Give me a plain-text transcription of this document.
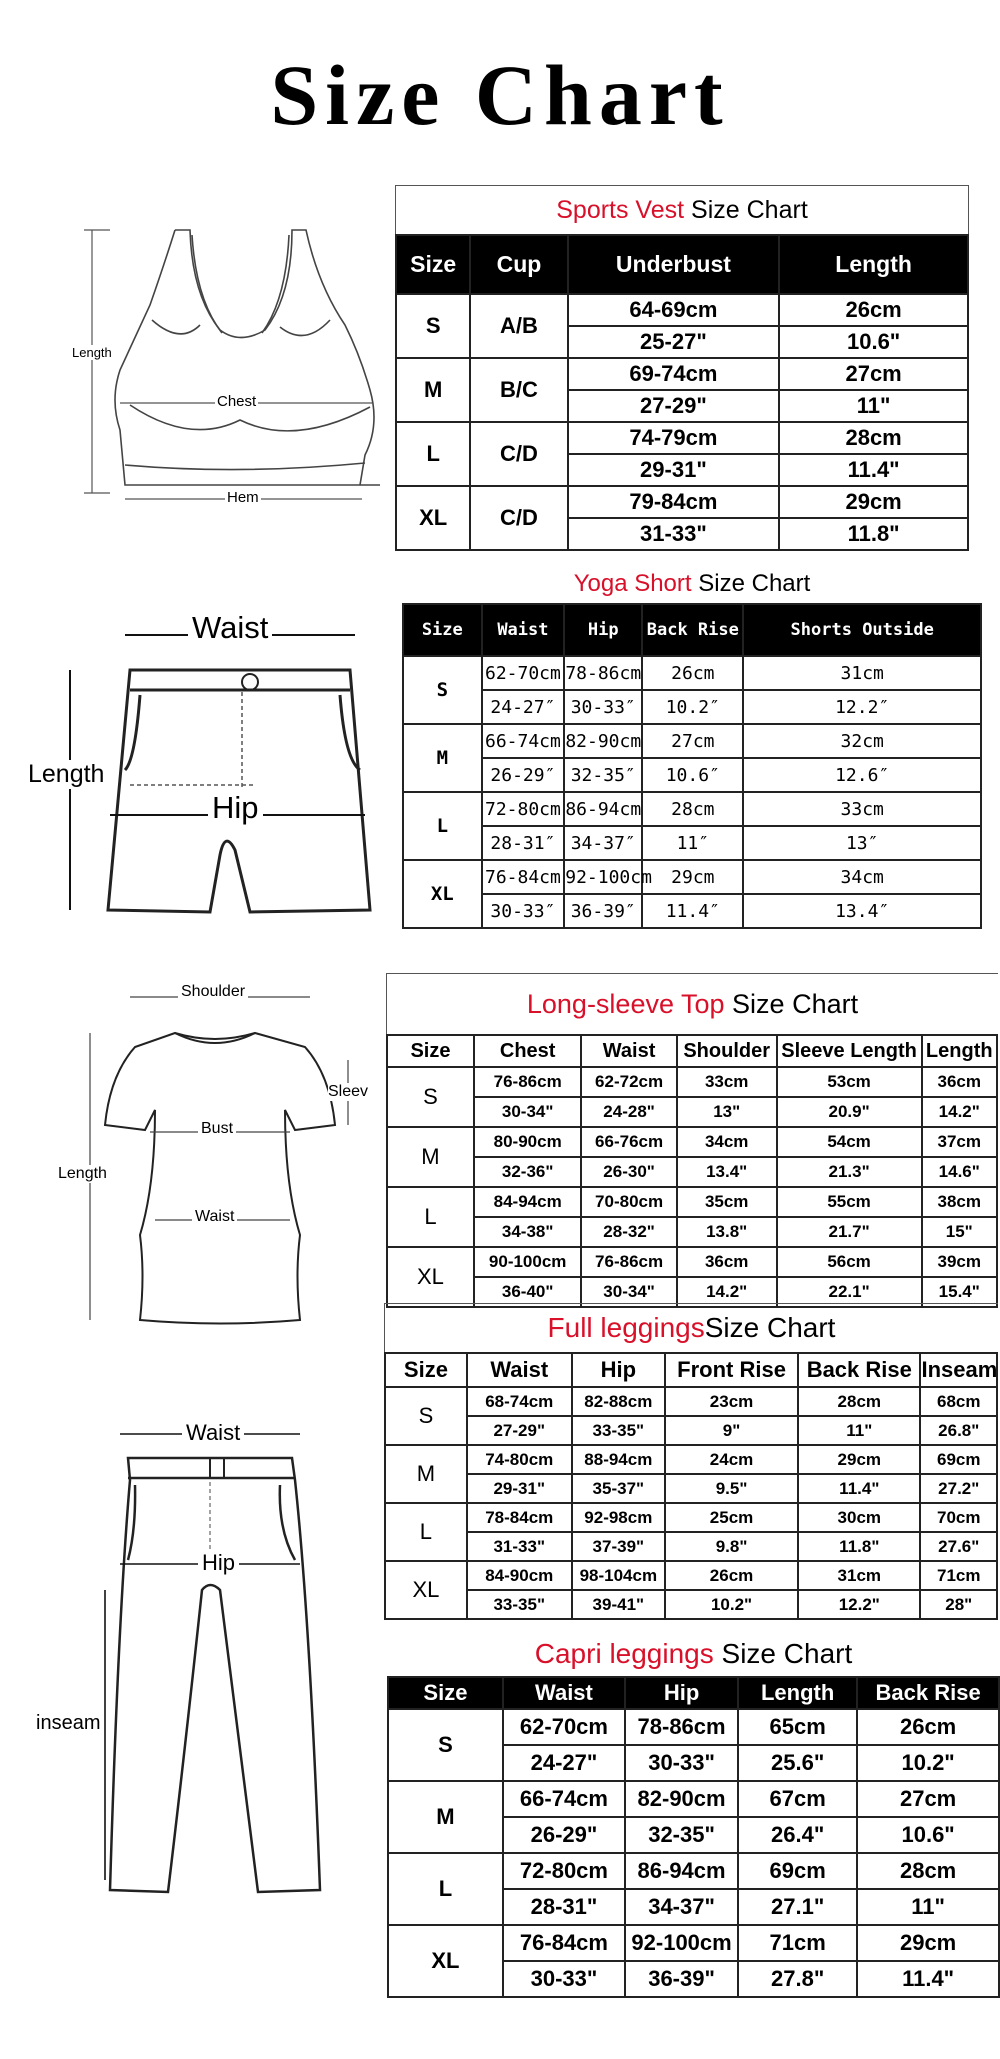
Size Chart
Length
Chest
Hem
Sports Vest Size Chart
Size	Cup	Underbust	Length
S	A/B	64-69cm	26cm
		25-27"	10.6"
M	B/C	69-74cm	27cm
		27-29"	11"
L	C/D	74-79cm	28cm
		29-31"	11.4"
XL	C/D	79-84cm	29cm
		31-33"	11.8"
Waist
Length
Hip
Yoga Short Size Chart
Size	Waist	Hip	Back Rise	Shorts Outside
S	62-70cm	78-86cm	26cm	31cm
	24-27″	30-33″	10.2″	12.2″
M	66-74cm	82-90cm	27cm	32cm
	26-29″	32-35″	10.6″	12.6″
L	72-80cm	86-94cm	28cm	33cm
	28-31″	34-37″	11″	13″
XL	76-84cm	92-100cm	29cm	34cm
	30-33″	36-39″	11.4″	13.4″
Shoulder
Sleev
Bust
Length
Waist
Long-sleeve Top Size Chart
Size	Chest	Waist	Shoulder	Sleeve Length	Length
S	76-86cm	62-72cm	33cm	53cm	36cm
	30-34"	24-28"	13"	20.9"	14.2"
M	80-90cm	66-76cm	34cm	54cm	37cm
	32-36"	26-30"	13.4"	21.3"	14.6"
L	84-94cm	70-80cm	35cm	55cm	38cm
	34-38"	28-32"	13.8"	21.7"	15"
XL	90-100cm	76-86cm	36cm	56cm	39cm
	36-40"	30-34"	14.2"	22.1"	15.4"
Waist
Hip
inseam
Full leggingsSize Chart
Size	Waist	Hip	Front Rise	Back Rise	Inseam
S	68-74cm	82-88cm	23cm	28cm	68cm
	27-29"	33-35"	9"	11"	26.8"
M	74-80cm	88-94cm	24cm	29cm	69cm
	29-31"	35-37"	9.5"	11.4"	27.2"
L	78-84cm	92-98cm	25cm	30cm	70cm
	31-33"	37-39"	9.8"	11.8"	27.6"
XL	84-90cm	98-104cm	26cm	31cm	71cm
	33-35"	39-41"	10.2"	12.2"	28"
Capri leggings Size Chart
Size	Waist	Hip	Length	Back Rise
S	62-70cm	78-86cm	65cm	26cm
	24-27"	30-33"	25.6"	10.2"
M	66-74cm	82-90cm	67cm	27cm
	26-29"	32-35"	26.4"	10.6"
L	72-80cm	86-94cm	69cm	28cm
	28-31"	34-37"	27.1"	11"
XL	76-84cm	92-100cm	71cm	29cm
	30-33"	36-39"	27.8"	11.4"
